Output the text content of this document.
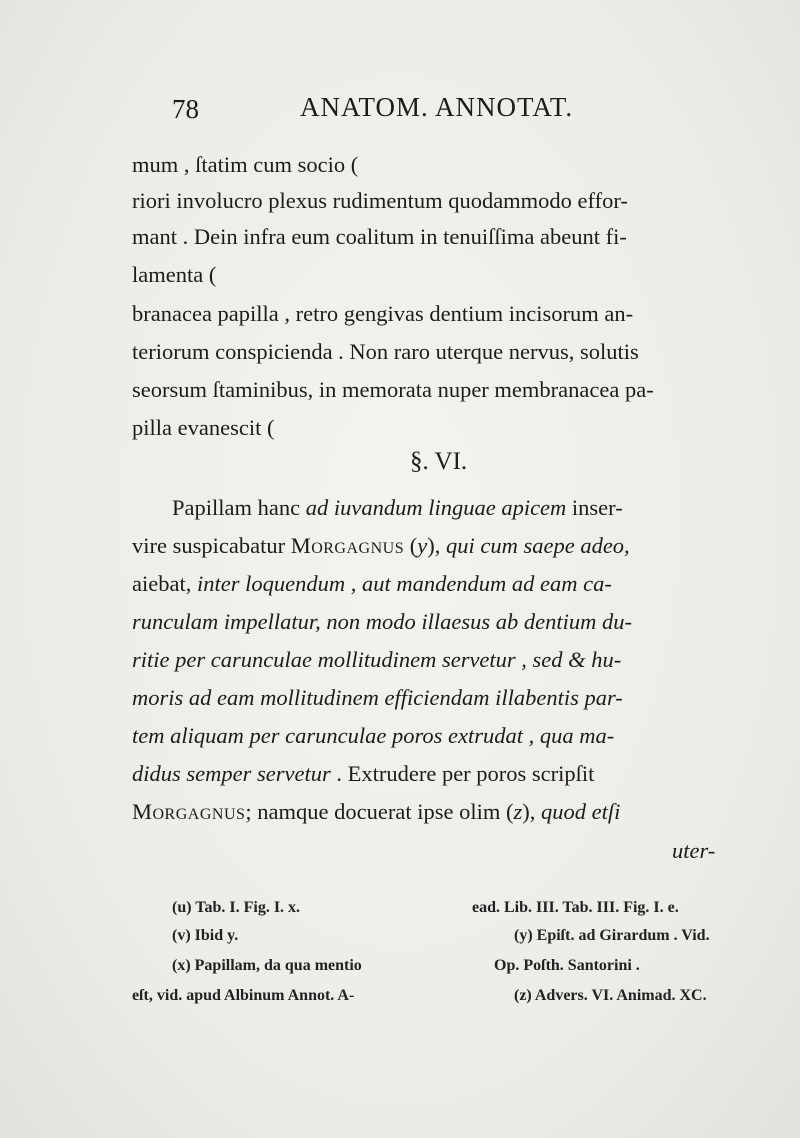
78	ANATOM. ANNOTAT.
mum , ſtatim cum socio (
riori involucro plexus rudimentum quodammodo effor-
mant . Dein infra eum coalitum in tenuiſſima abeunt fi-
lamenta (
branacea papilla , retro gengivas dentium incisorum an-
teriorum conspicienda . Non raro uterque nervus, solutis
seorsum ſtaminibus, in memorata nuper membranacea pa-
pilla evanescit (
§. VI.
Papillam hanc ad iuvandum linguae apicem inser-
vire suspicabatur Morgagnus (y), qui cum saepe adeo,
aiebat, inter loquendum , aut mandendum ad eam ca-
runculam impellatur, non modo illaesus ab dentium du-
ritie per carunculae mollitudinem servetur , sed & hu-
moris ad eam mollitudinem efficiendam illabentis par-
tem aliquam per carunculae poros extrudat , qua ma-
didus semper servetur . Extrudere per poros scripſit
Morgagnus; namque docuerat ipse olim (z), quod etſi
uter-
(u) Tab. I. Fig. I. x.
(v) Ibid y.
(x) Papillam, da qua mentio
eſt, vid. apud Albinum Annot. A-
ead. Lib. III. Tab. III. Fig. I. e.
(y) Epiſt. ad Girardum . Vid.
Op. Poſth. Santorini .
(z) Advers. VI. Animad. XC.
